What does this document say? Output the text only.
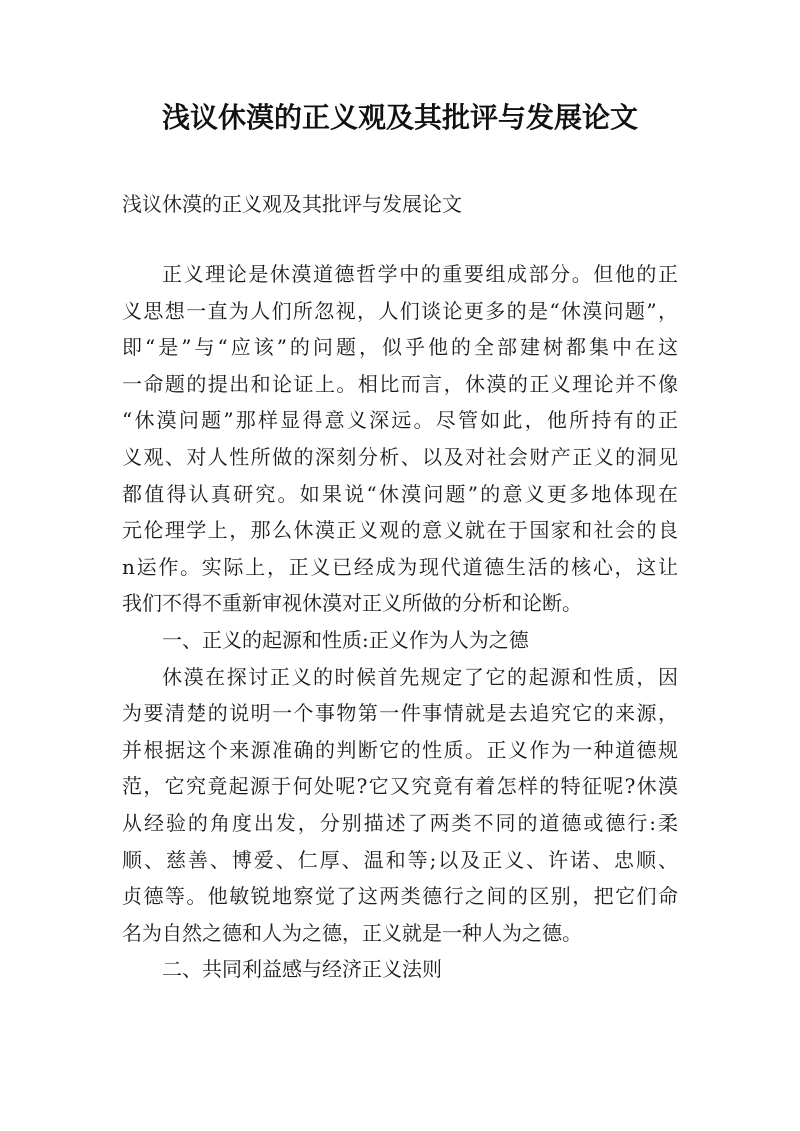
浅议休漠的正义观及其批评与发展论文
浅议休漠的正义观及其批评与发展论文
正义理论是休漠道德哲学中的重要组成部分。但他的正
义思想一直为人们所忽视，人们谈论更多的是“休漠问题”，
即“是”与“应该”的问题，似乎他的全部建树都集中在这
一命题的提出和论证上。相比而言，休漠的正义理论并不像
“休漠问题”那样显得意义深远。尽管如此，他所持有的正
义观、对人性所做的深刻分析、以及对社会财产正义的洞见
都值得认真研究。如果说“休漠问题”的意义更多地体现在
元伦理学上，那么休漠正义观的意义就在于国家和社会的良
n运作。实际上，正义已经成为现代道德生活的核心，这让
我们不得不重新审视休漠对正义所做的分析和论断。
一、正义的起源和性质:正义作为人为之德
休漠在探讨正义的时候首先规定了它的起源和性质，因
为要清楚的说明一个事物第一件事情就是去追究它的来源，
并根据这个来源准确的判断它的性质。正义作为一种道德规
范，它究竟起源于何处呢?它又究竟有着怎样的特征呢?休漠
从经验的角度出发，分别描述了两类不同的道德或德行:柔
顺、慈善、博爱、仁厚、温和等;以及正义、许诺、忠顺、
贞德等。他敏锐地察觉了这两类德行之间的区别，把它们命
名为自然之德和人为之德，正义就是一种人为之德。
二、共同利益感与经济正义法则
